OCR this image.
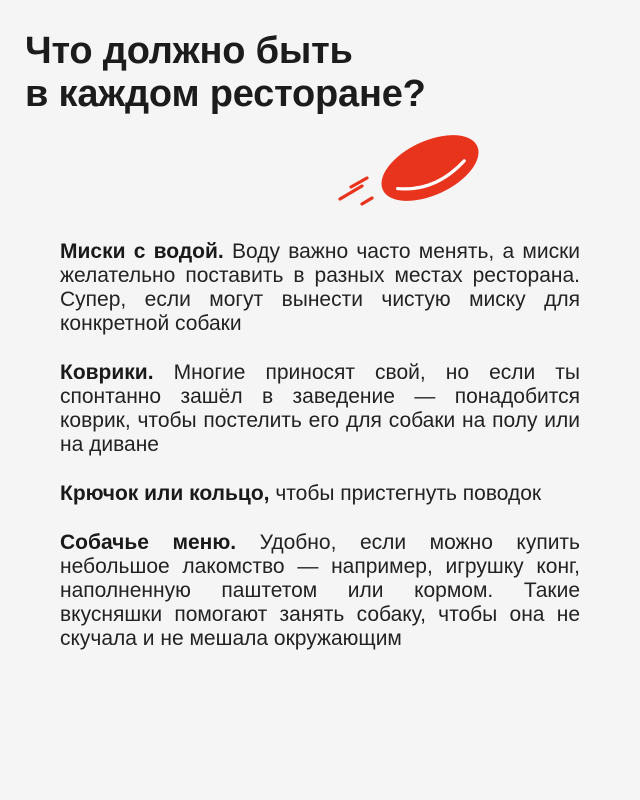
Что должно быть
в каждом ресторане?

Миски с водой. Воду важно часто менять, а миски желательно поставить в разных местах ресторана. Супер, если могут вынести чистую миску для конкретной собаки

Коврики. Многие приносят свой, но если ты спонтанно зашёл в заведение — понадобится коврик, чтобы постелить его для собаки на полу или на диване

Крючок или кольцо, чтобы пристегнуть поводок

Собачье меню. Удобно, если можно купить небольшое лакомство — например, игрушку конг, наполненную паштетом или кормом. Такие вкусняшки помогают занять собаку, чтобы она не скучала и не мешала окружающим
